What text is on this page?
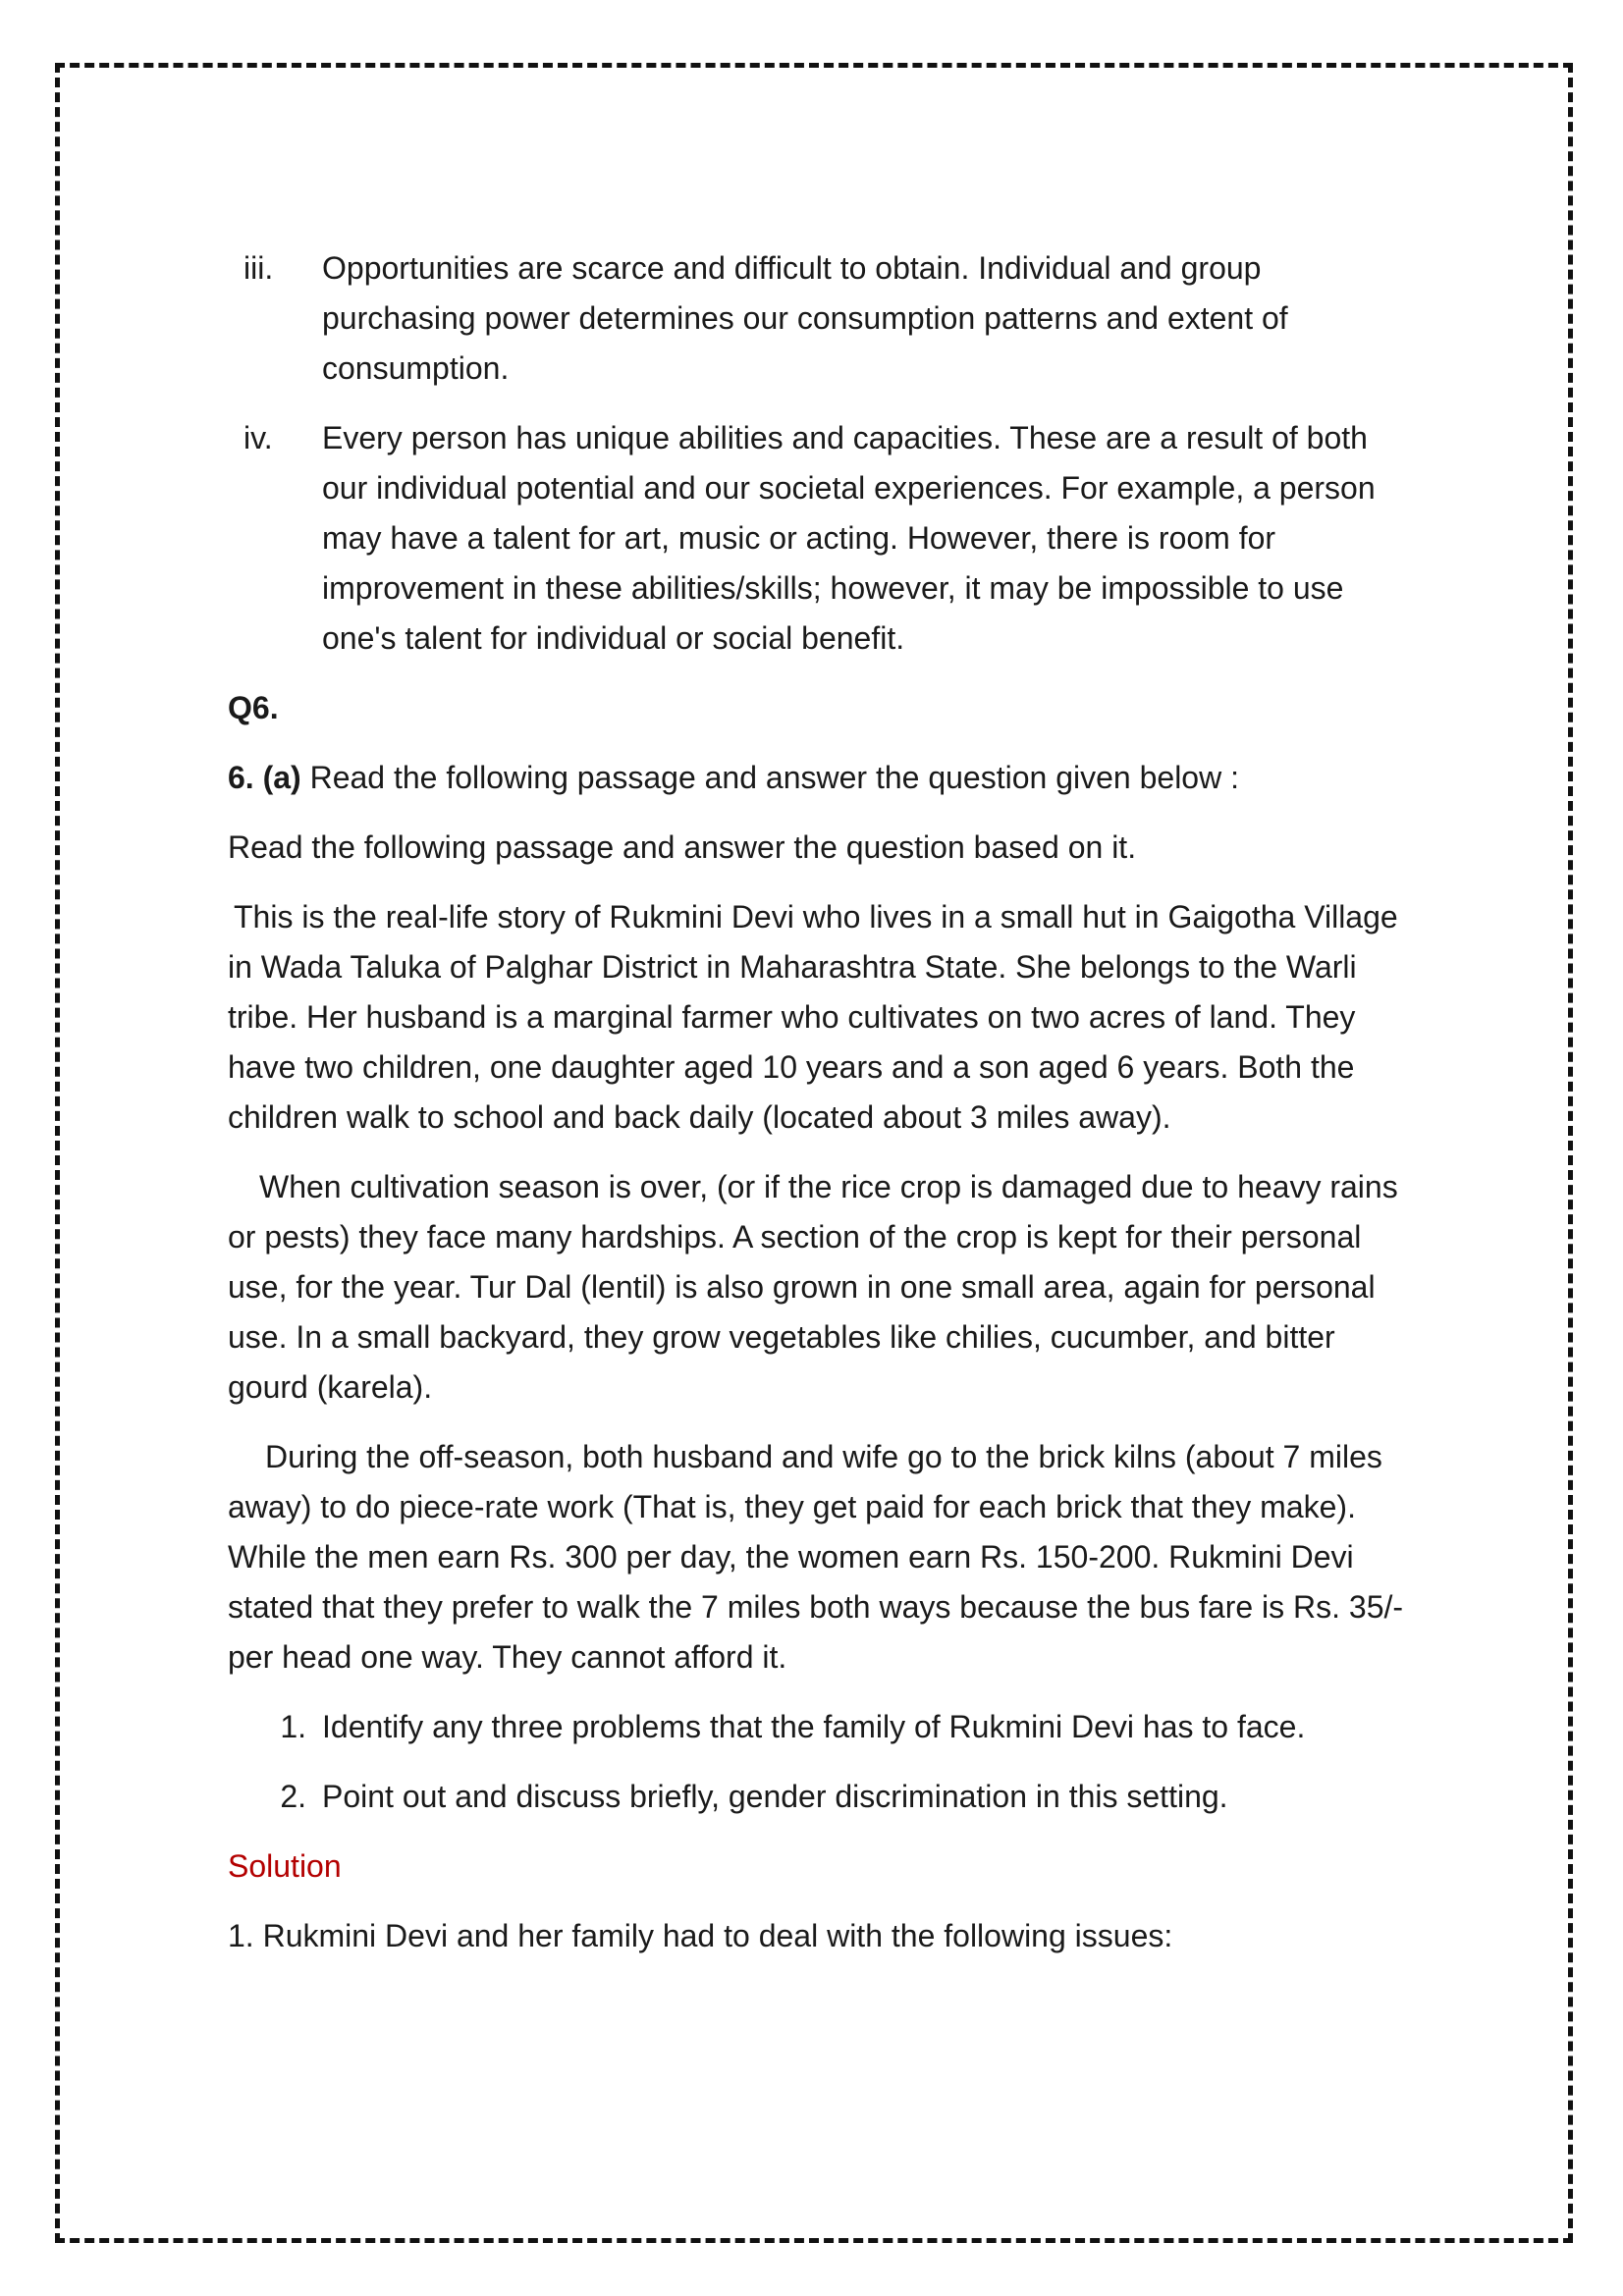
iii.	Opportunities are scarce and difficult to obtain. Individual and group purchasing power determines our consumption patterns and extent of consumption.
iv.	Every person has unique abilities and capacities. These are a result of both our individual potential and our societal experiences. For example, a person may have a talent for art, music or acting. However, there is room for improvement in these abilities/skills; however, it may be impossible to use one's talent for individual or social benefit.

Q6.

6. (a) Read the following passage and answer the question given below :

Read the following passage and answer the question based on it.

This is the real-life story of Rukmini Devi who lives in a small hut in Gaigotha Village in Wada Taluka of Palghar District in Maharashtra State. She belongs to the Warli tribe. Her husband is a marginal farmer who cultivates on two acres of land. They have two children, one daughter aged 10 years and a son aged 6 years. Both the children walk to school and back daily (located about 3 miles away).

When cultivation season is over, (or if the rice crop is damaged due to heavy rains or pests) they face many hardships. A section of the crop is kept for their personal use, for the year. Tur Dal (lentil) is also grown in one small area, again for personal use. In a small backyard, they grow vegetables like chilies, cucumber, and bitter gourd (karela).

During the off-season, both husband and wife go to the brick kilns (about 7 miles away) to do piece-rate work (That is, they get paid for each brick that they make). While the men earn Rs. 300 per day, the women earn Rs. 150-200. Rukmini Devi stated that they prefer to walk the 7 miles both ways because the bus fare is Rs. 35/- per head one way. They cannot afford it.

1. Identify any three problems that the family of Rukmini Devi has to face.
2. Point out and discuss briefly, gender discrimination in this setting.

Solution

1. Rukmini Devi and her family had to deal with the following issues:
